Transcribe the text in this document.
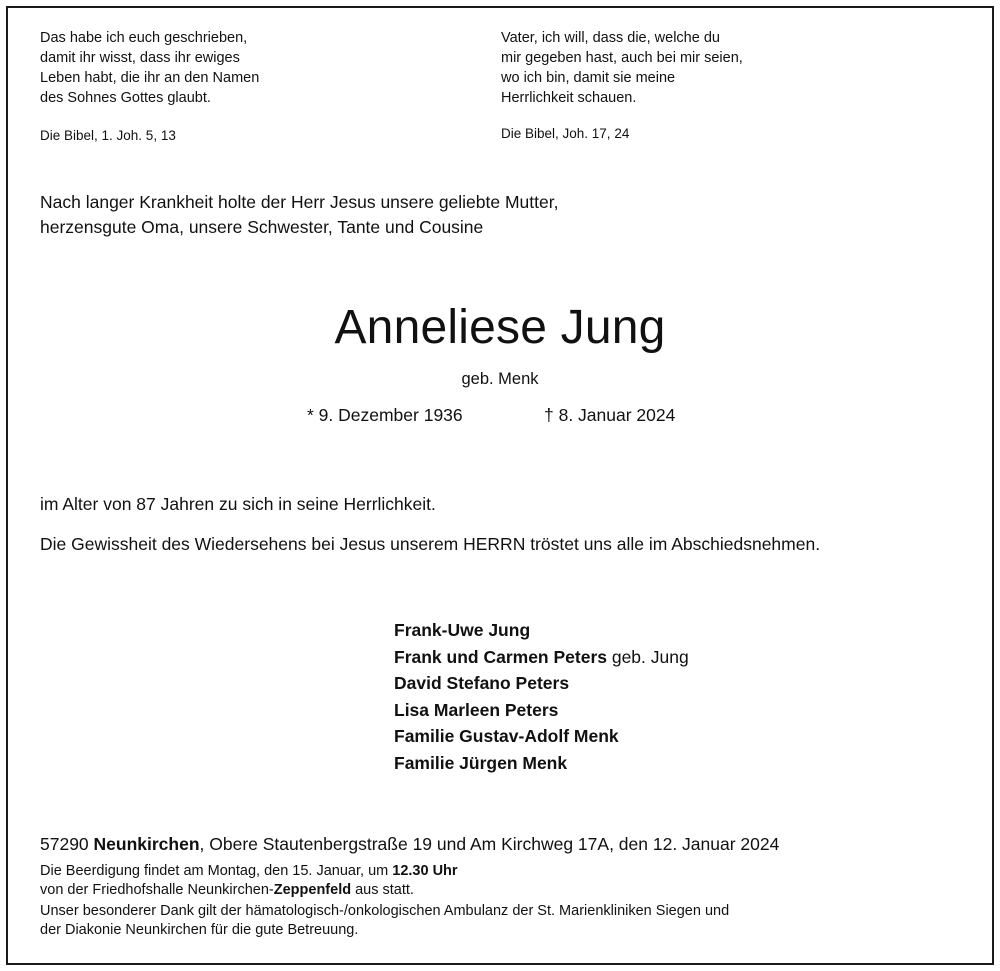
Das habe ich euch geschrieben,
damit ihr wisst, dass ihr ewiges
Leben habt, die ihr an den Namen
des Sohnes Gottes glaubt.
Die Bibel, 1. Joh. 5, 13
Vater, ich will, dass die, welche du
mir gegeben hast, auch bei mir seien,
wo ich bin, damit sie meine
Herrlichkeit schauen.
Die Bibel, Joh. 17, 24
Nach langer Krankheit holte der Herr Jesus unsere geliebte Mutter,
herzensgute Oma, unsere Schwester, Tante und Cousine
Anneliese Jung
geb. Menk
* 9. Dezember 1936	† 8. Januar 2024
im Alter von 87 Jahren zu sich in seine Herrlichkeit.
Die Gewissheit des Wiedersehens bei Jesus unserem HERRN tröstet uns alle im Abschiedsnehmen.
Frank-Uwe Jung
Frank und Carmen Peters geb. Jung
David Stefano Peters
Lisa Marleen Peters
Familie Gustav-Adolf Menk
Familie Jürgen Menk
57290 Neunkirchen, Obere Stautenbergstraße 19 und Am Kirchweg 17A, den 12. Januar 2024
Die Beerdigung findet am Montag, den 15. Januar, um 12.30 Uhr
von der Friedhofshalle Neunkirchen-Zeppenfeld aus statt.
Unser besonderer Dank gilt der hämatologisch-/onkologischen Ambulanz der St. Marienkliniken Siegen und
der Diakonie Neunkirchen für die gute Betreuung.
